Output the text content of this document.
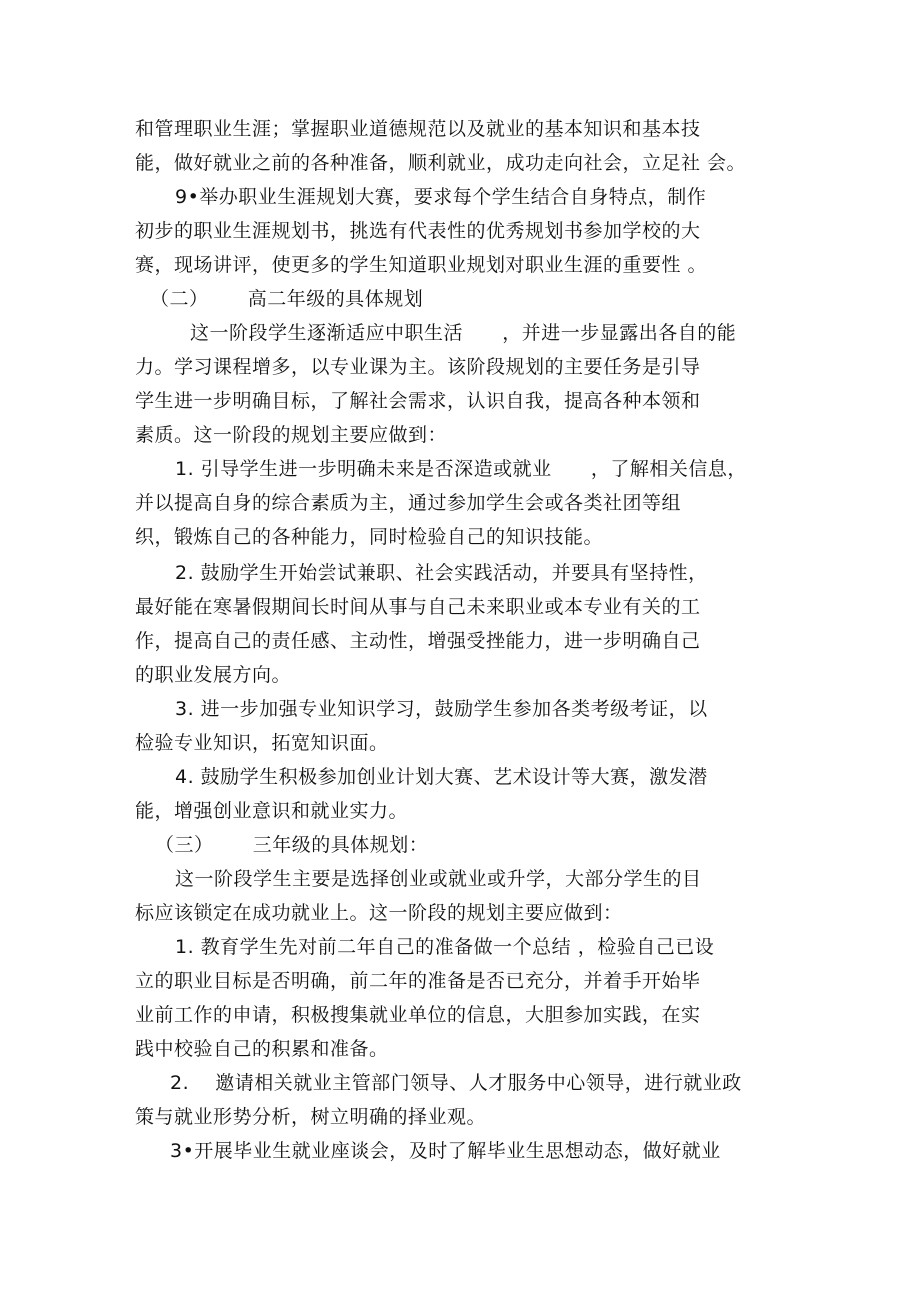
和管理职业生涯；掌握职业道德规范以及就业的基本知识和基本技
能，做好就业之前的各种准备，顺利就业，成功走向社会，立足社 会。
9•举办职业生涯规划大赛，要求每个学生结合自身特点，制作
初步的职业生涯规划书，挑选有代表性的优秀规划书参加学校的大
赛，现场讲评，使更多的学生知道职业规划对职业生涯的重要性 。
（二）      高二年级的具体规划
这一阶段学生逐渐适应中职生活      ，并进一步显露出各自的能
力。学习课程增多，以专业课为主。该阶段规划的主要任务是引导
学生进一步明确目标，了解社会需求，认识自我，提高各种本领和
素质。这一阶段的规划主要应做到：
1. 引导学生进一步明确未来是否深造或就业      ，了解相关信息，
并以提高自身的综合素质为主，通过参加学生会或各类社团等组
织，锻炼自己的各种能力，同时检验自己的知识技能。
2. 鼓励学生开始尝试兼职、社会实践活动，并要具有坚持性，
最好能在寒暑假期间长时间从事与自己未来职业或本专业有关的工
作，提高自己的责任感、主动性，增强受挫能力，进一步明确自己
的职业发展方向。
3. 进一步加强专业知识学习，鼓励学生参加各类考级考证，以
检验专业知识，拓宽知识面。
4. 鼓励学生积极参加创业计划大赛、艺术设计等大赛，激发潜
能，增强创业意识和就业实力。
（三）      三年级的具体规划：
这一阶段学生主要是选择创业或就业或升学，大部分学生的目
标应该锁定在成功就业上。这一阶段的规划主要应做到：
1. 教育学生先对前二年自己的准备做一个总结 ，检验自己已设
立的职业目标是否明确，前二年的准备是否已充分，并着手开始毕
业前工作的申请，积极搜集就业单位的信息，大胆参加实践，在实
践中校验自己的积累和准备。
2.    邀请相关就业主管部门领导、人才服务中心领导，进行就业政
策与就业形势分析，树立明确的择业观。
3•开展毕业生就业座谈会，及时了解毕业生思想动态，做好就业
